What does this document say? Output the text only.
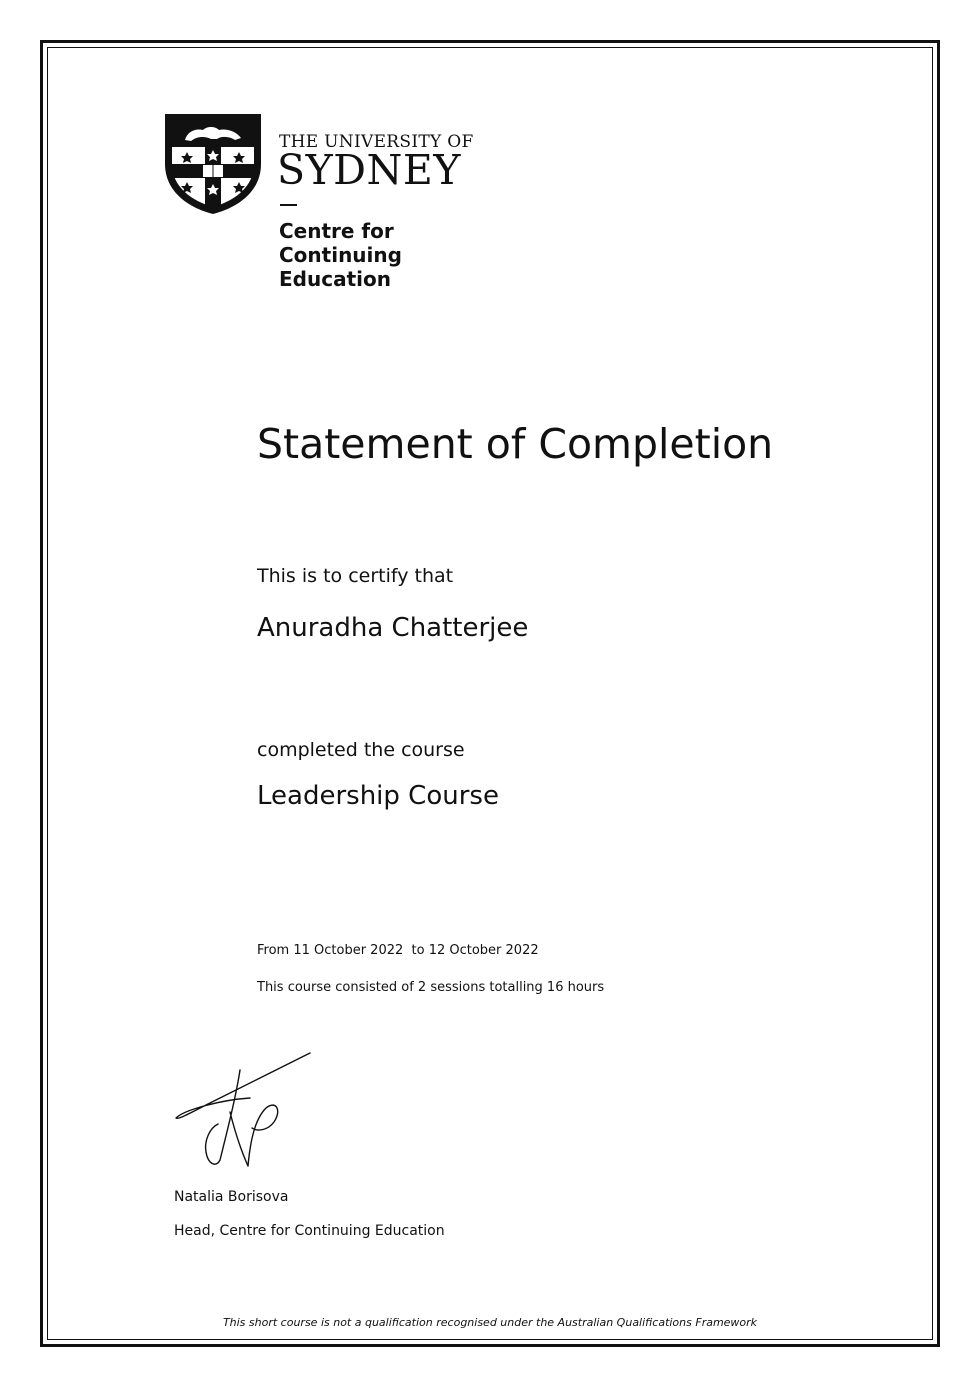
THE UNIVERSITY OF
SYDNEY
Centre for
Continuing
Education
Statement of Completion
This is to certify that
Anuradha Chatterjee
completed the course
Leadership Course
From 11 October 2022  to 12 October 2022
This course consisted of 2 sessions totalling 16 hours
Natalia Borisova
Head, Centre for Continuing Education
This short course is not a qualification recognised under the Australian Qualifications Framework
